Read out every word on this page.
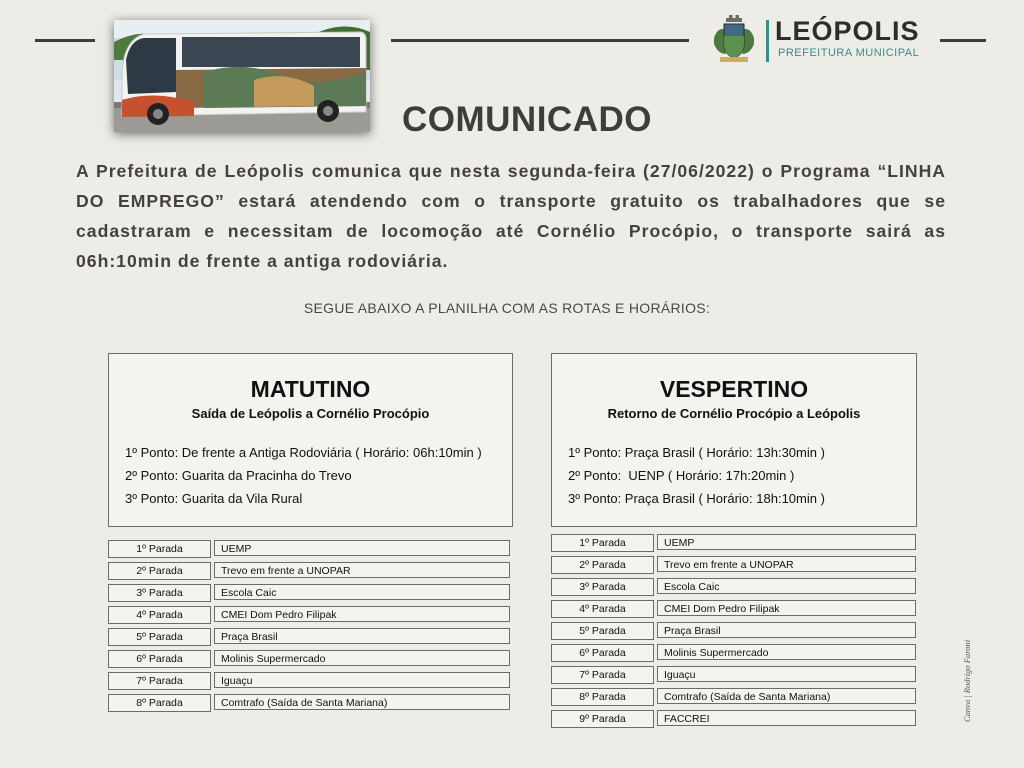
LEÓPOLIS
PREFEITURA MUNICIPAL
COMUNICADO
A Prefeitura de Leópolis comunica que nesta segunda-feira (27/06/2022) o Programa “LINHA DO EMPREGO” estará atendendo com o transporte gratuito os trabalhadores que se cadastraram e necessitam de locomoção até Cornélio Procópio, o transporte sairá as 06h:10min de frente a antiga rodoviária.
SEGUE ABAIXO A PLANILHA COM AS ROTAS E HORÁRIOS:
MATUTINO
Saída de Leópolis a Cornélio Procópio
1º Ponto: De frente a Antiga Rodoviária ( Horário: 06h:10min )
2º Ponto: Guarita da Pracinha do Trevo
3º Ponto: Guarita da Vila Rural
1º Parada	UEMP
2º Parada	Trevo em frente a UNOPAR
3º Parada	Escola Caic
4º Parada	CMEI Dom Pedro Filipak
5º Parada	Praça Brasil
6º Parada	Molinis Supermercado
7º Parada	Iguaçu
8º Parada	Comtrafo (Saída de Santa Mariana)
VESPERTINO
Retorno de Cornélio Procópio a Leópolis
1º Ponto: Praça Brasil ( Horário: 13h:30min )
2º Ponto:  UENP ( Horário: 17h:20min )
3º Ponto: Praça Brasil ( Horário: 18h:10min )
1º Parada	UEMP
2º Parada	Trevo em frente a UNOPAR
3º Parada	Escola Caic
4º Parada	CMEI Dom Pedro Filipak
5º Parada	Praça Brasil
6º Parada	Molinis Supermercado
7º Parada	Iguaçu
8º Parada	Comtrafo (Saída de Santa Mariana)
9º Parada	FACCREI	Canva | Rodrigo Faroni
